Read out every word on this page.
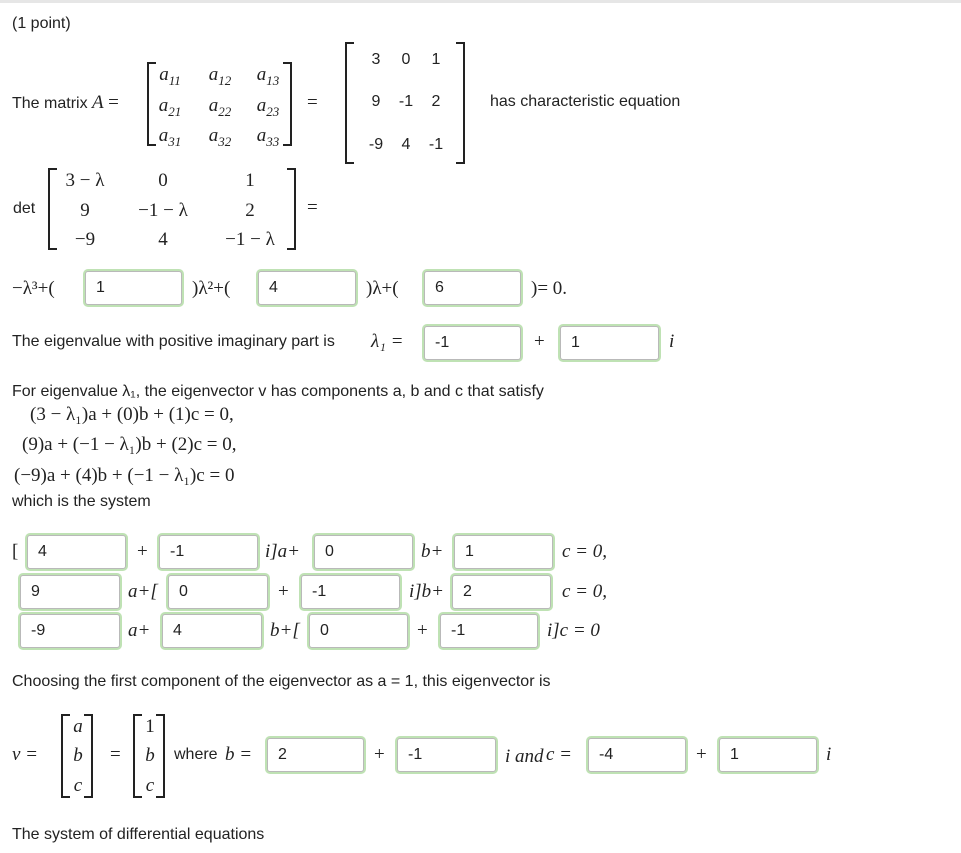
(1 point)
The matrix A =
$a_{11}$	$a_{12}$	$a_{13}$
$a_{21}$	$a_{22}$	$a_{23}$
$a_{31}$	$a_{32}$	$a_{33}$
=
3	0	1
9	-1	2
-9	4	-1
has characteristic equation
det
3 − λ	0	1
9	−1 − λ	2
−9	4	−1 − λ
=
−λ³+(
1	)λ²+(
4	)λ+(
6	)= 0.
The eigenvalue with positive imaginary part is λ₁ =
-1	+
1	i
For eigenvalue λ₁, the eigenvector v has components a, b and c that satisfy
(3 − λ₁)a + (0)b + (1)c = 0,
(9)a + (−1 − λ₁)b + (2)c = 0,
(−9)a + (4)b + (−1 − λ₁)c = 0
which is the system
[
4	+
-1	i]a+
0	b+
1	c = 0,
9
a+[
0	+
-1	i]b+
2	c = 0,
-9
a+
4	b+[
0	+
-1	i]c = 0
Choosing the first component of the eigenvector as a = 1, this eigenvector is
v =
a
b
c
=
1
b
c
where b =
2	+
-1	i and c =
-4	+
1	i
The system of differential equations
